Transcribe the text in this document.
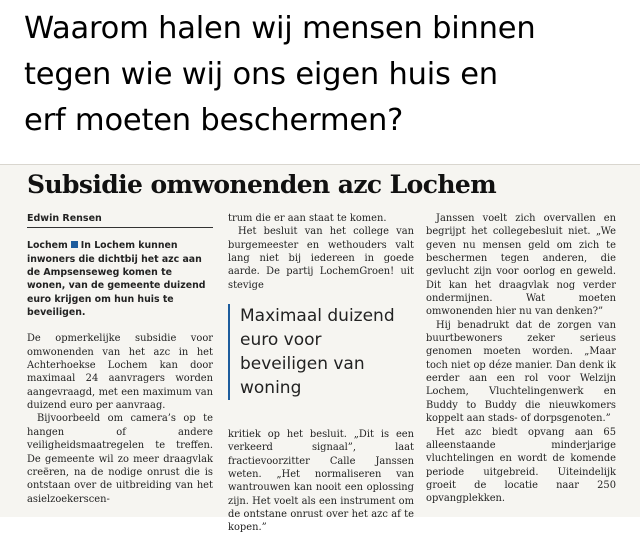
Waarom halen wij mensen binnen
tegen wie wij ons eigen huis en
erf moeten beschermen?
Subsidie omwonenden azc Lochem
Edwin Rensen

Lochem In Lochem kunnen inwoners die dichtbij het azc aan de Ampsenseweg komen te wonen, van de gemeente duizend euro krijgen om hun huis te beveiligen.

De opmerkelijke subsidie voor omwonenden van het azc in het Achterhoekse Lochem kan door maximaal 24 aanvragers worden aangevraagd, met een maximum van duizend euro per aanvraag.

Bijvoorbeeld om camera’s op te hangen of andere veiligheidsmaatregelen te treffen. De gemeente wil zo meer draagvlak creëren, na de nodige onrust die is ontstaan over de uitbreiding van het asielzoekerscen-

trum die er aan staat te komen.

Het besluit van het college van burgemeester en wethouders valt lang niet bij iedereen in goede aarde. De partij LochemGroen! uit stevige

Maximaal duizend euro voor beveiligen van woning

kritiek op het besluit. „Dit is een verkeerd signaal”, laat fractievoorzitter Calle Janssen weten. „Het normaliseren van wantrouwen kan nooit een oplossing zijn. Het voelt als een instrument om de ontstane onrust over het azc af te kopen.”

Janssen voelt zich overvallen en begrijpt het collegebesluit niet. „We geven nu mensen geld om zich te beschermen tegen anderen, die gevlucht zijn voor oorlog en geweld. Dit kan het draagvlak nog verder ondermijnen. Wat moeten omwonenden hier nu van denken?”

Hij benadrukt dat de zorgen van buurtbewoners zeker serieus genomen moeten worden. „Maar toch niet op déze manier. Dan denk ik eerder aan een rol voor Welzijn Lochem, Vluchtelingenwerk en Buddy to Buddy die nieuwkomers koppelt aan stads- of dorpsgenoten.”

Het azc biedt opvang aan 65 alleenstaande minderjarige vluchtelingen en wordt de komende periode uitgebreid. Uiteindelijk groeit de locatie naar 250 opvangplekken.
